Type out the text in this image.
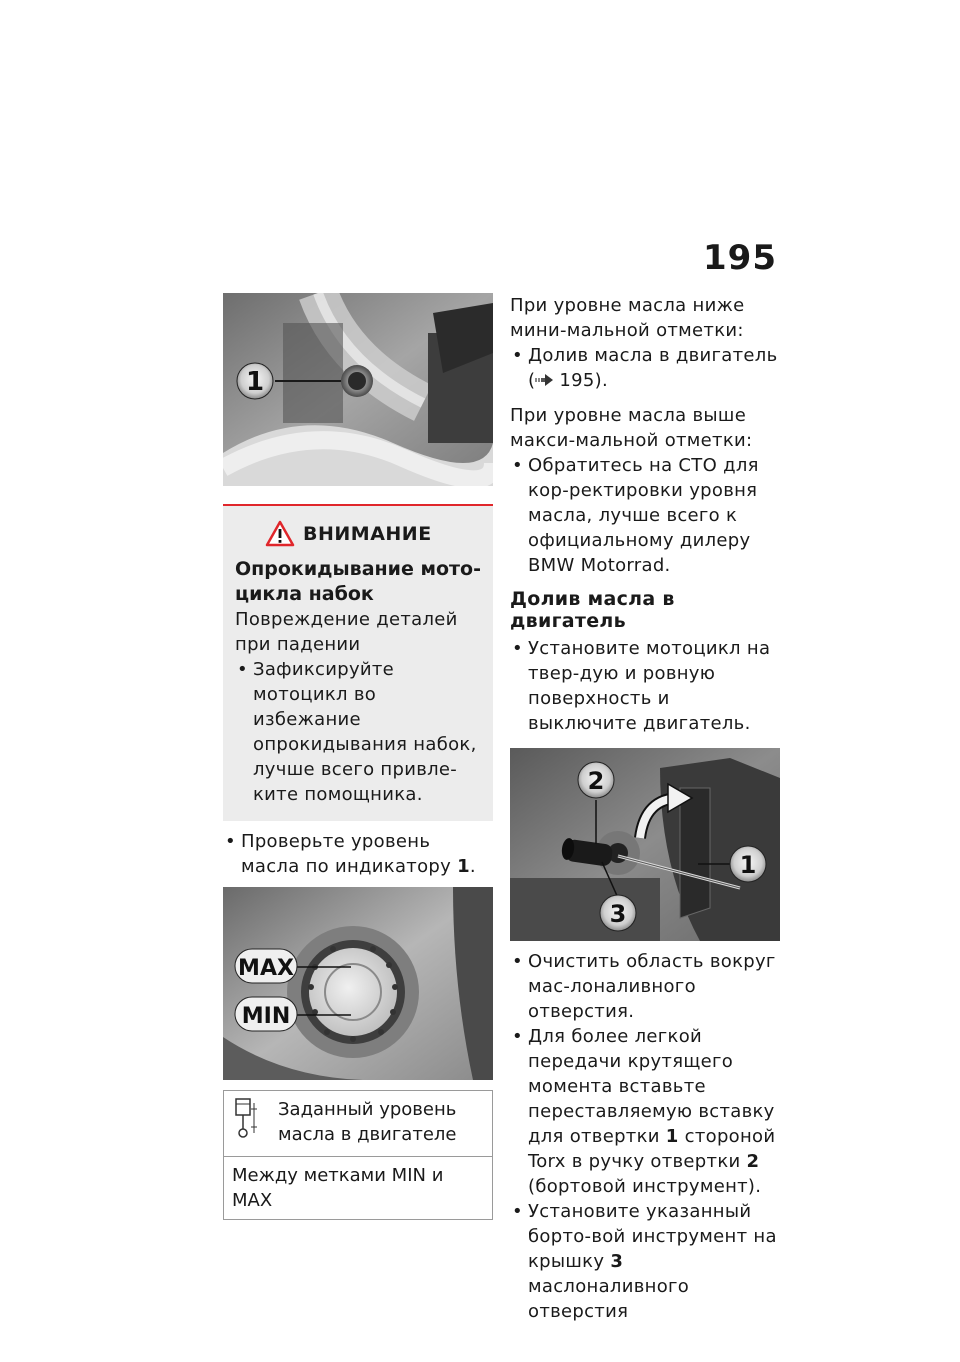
195
1
ВНИМАНИЕ
Опрокидывание мото-цикла набок
Повреждение деталей при падении
• Зафиксируйте мотоцикл во избежание опрокидывания набок, лучше всего привле-ките помощника.
• Проверьте уровень масла по индикатору 1.
MAX
MIN
	Заданный уровень масла в двигателе
Между метками MIN и MAX
При уровне масла ниже мини-мальной отметки:
• Долив масла в двигатель
( 195).
При уровне масла выше макси-мальной отметки:
• Обратитесь на СТО для кор-ректировки уровня масла, лучше всего к официальному дилеру BMW Motorrad.
Долив масла в двигатель
• Установите мотоцикл на твер-дую и ровную поверхность и выключите двигатель.
2
1
3
• Очистить область вокруг мас-лоналивного отверстия.
• Для более легкой передачи крутящего момента вставьте переставляемую вставку для отвертки 1 стороной Torx в ручку отвертки 2 (бортовой инструмент).
• Установите указанный борто-вой инструмент на крышку 3 маслоналивного отверстия
